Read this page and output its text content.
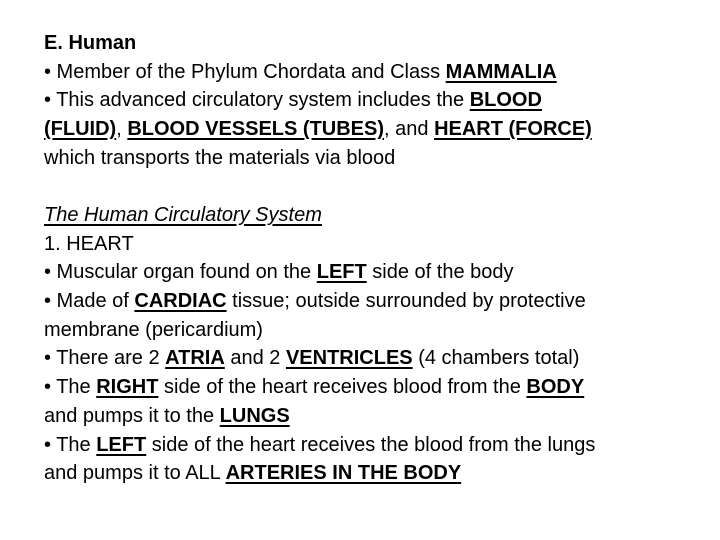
E. Human
• Member of the Phylum Chordata and Class MAMMALIA
• This advanced circulatory system includes the BLOOD
(FLUID), BLOOD VESSELS (TUBES), and HEART (FORCE)
which transports the materials via blood
The Human Circulatory System
1. HEART
• Muscular organ found on the LEFT side of the body
• Made of CARDIAC tissue; outside surrounded by protective
membrane (pericardium)
• There are 2 ATRIA and 2 VENTRICLES (4 chambers total)
• The RIGHT side of the heart receives blood from the BODY
and pumps it to the LUNGS
• The LEFT side of the heart receives the blood from the lungs
and pumps it to ALL ARTERIES IN THE BODY
